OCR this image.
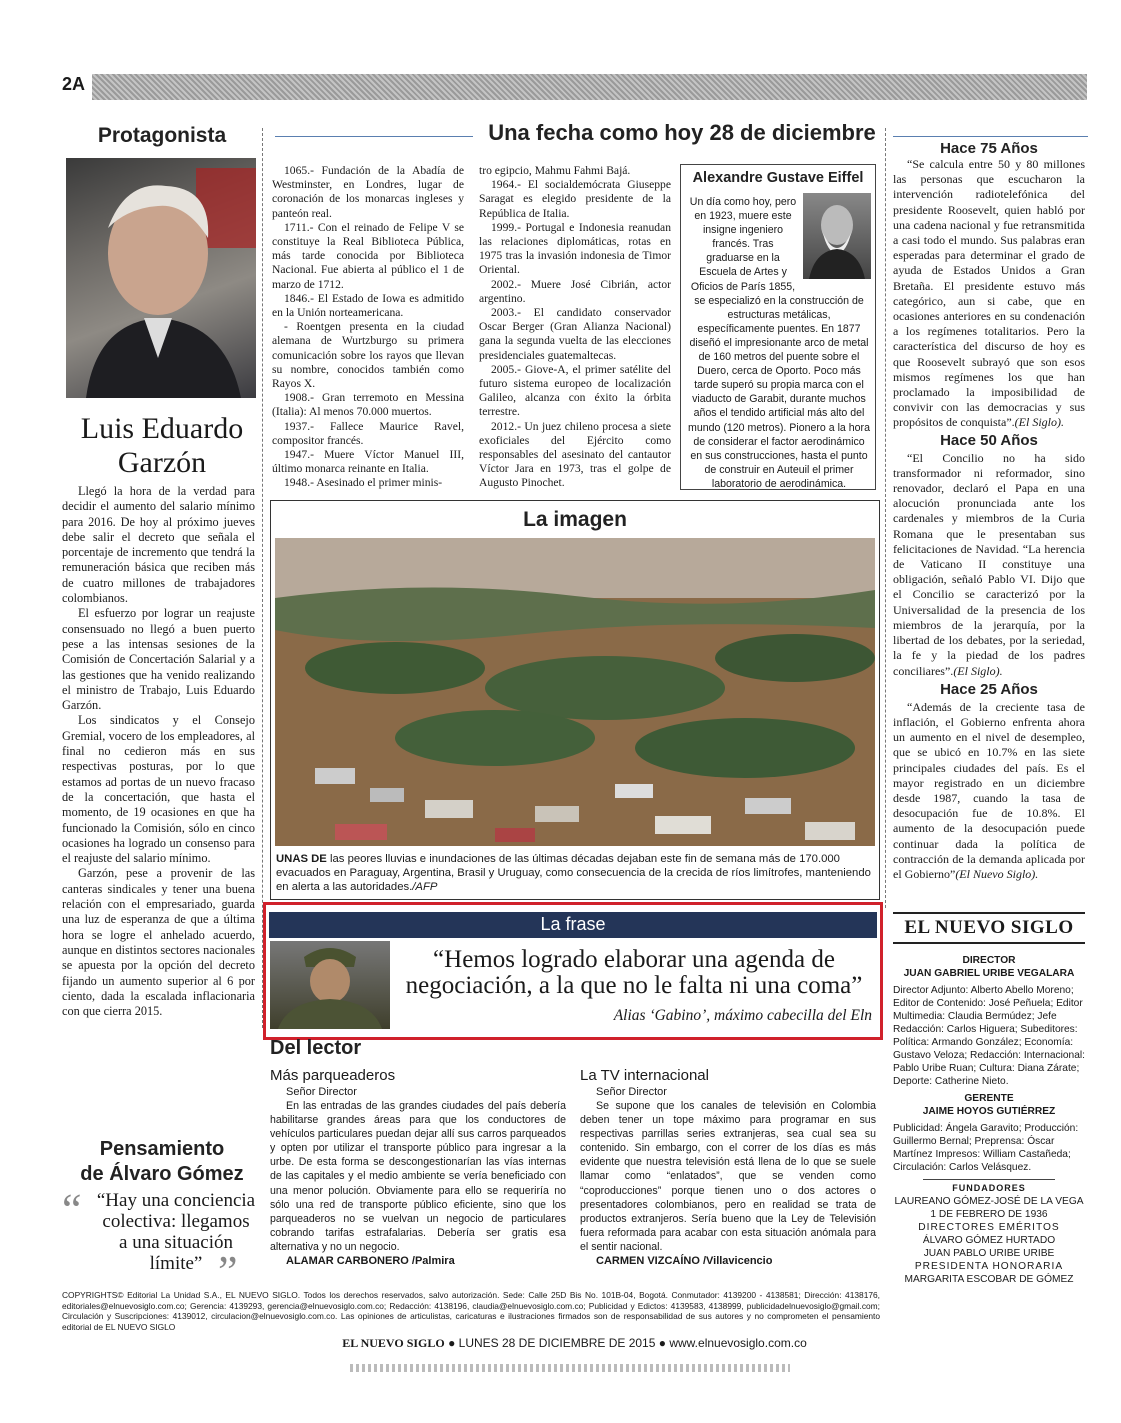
2A
Protagonista
Luis Eduardo Garzón

Llegó la hora de la verdad para decidir el aumento del salario mínimo para 2016. De hoy al próximo jueves debe salir el decreto que señala el porcentaje de incremento que tendrá la remuneración básica que reciben más de cuatro millones de trabajadores colombianos.

El esfuerzo por lograr un reajuste consensuado no llegó a buen puerto pese a las intensas sesiones de la Comisión de Concertación Salarial y a las gestiones que ha venido realizando el ministro de Trabajo, Luis Eduardo Garzón.

Los sindicatos y el Consejo Gremial, vocero de los empleadores, al final no cedieron más en sus respectivas posturas, por lo que estamos ad portas de un nuevo fracaso de la concertación, que hasta el momento, de 19 ocasiones en que ha funcionado la Comisión, sólo en cinco ocasiones ha logrado un consenso para el reajuste del salario mínimo.

Garzón, pese a provenir de las canteras sindicales y tener una buena relación con el empresariado, guarda una luz de esperanza de que a última hora se logre el anhelado acuerdo, aunque en distintos sectores nacionales se apuesta por la opción del decreto fijando un aumento superior al 6 por ciento, dada la escalada inflacionaria con que cierra 2015.

Pensamiento
de Álvaro Gómez
“ “Hay una conciencia colectiva: llegamos a una situación límite” ”
Una fecha como hoy 28 de diciembre

1065.- Fundación de la Abadía de Westminster, en Londres, lugar de coronación de los monarcas ingleses y panteón real.

1711.- Con el reinado de Felipe V se constituye la Real Biblioteca Pública, más tarde conocida por Biblioteca Nacional. Fue abierta al público el 1 de marzo de 1712.

1846.- El Estado de Iowa es admitido en la Unión norteamericana.

- Roentgen presenta en la ciudad alemana de Wurtzburgo su primera comunicación sobre los rayos que llevan su nombre, conocidos también como Rayos X.

1908.- Gran terremoto en Messina (Italia): Al menos 70.000 muertos.

1937.- Fallece Maurice Ravel, compositor francés.

1947.- Muere Víctor Manuel III, último monarca reinante en Italia.

1948.- Asesinado el primer minis-

tro egipcio, Mahmu Fahmi Bajá.

1964.- El socialdemócrata Giuseppe Saragat es elegido presidente de la República de Italia.

1999.- Portugal e Indonesia reanudan las relaciones diplomáticas, rotas en 1975 tras la invasión indonesia de Timor Oriental.

2002.- Muere José Cibrián, actor argentino.

2003.- El candidato conservador Oscar Berger (Gran Alianza Nacional) gana la segunda vuelta de las elecciones presidenciales guatemaltecas.

2005.- Giove-A, el primer satélite del futuro sistema europeo de localización Galileo, alcanza con éxito la órbita terrestre.

2012.- Un juez chileno procesa a siete exoficiales del Ejército como responsables del asesinato del cantautor Víctor Jara en 1973, tras el golpe de Augusto Pinochet.

Alexandre Gustave Eiffel
Un día como hoy, pero en 1923, muere este insigne ingeniero francés. Tras graduarse en la Escuela de Artes y Oficios de París 1855, se especializó en la construcción de estructuras metálicas, específicamente puentes. En 1877 diseñó el impresionante arco de metal de 160 metros del puente sobre el Duero, cerca de Oporto. Poco más tarde superó su propia marca con el viaducto de Garabit, durante muchos años el tendido artificial más alto del mundo (120 metros). Pionero a la hora de considerar el factor aerodinámico en sus construcciones, hasta el punto de construir en Auteuil el primer laboratorio de aerodinámica.
La imagen
UNAS DE las peores lluvias e inundaciones de las últimas décadas dejaban este fin de semana más de 170.000 evacuados en Paraguay, Argentina, Brasil y Uruguay, como consecuencia de la crecida de ríos limítrofes, manteniendo en alerta a las autoridades./AFP
La frase
“Hemos logrado elaborar una agenda de negociación, a la que no le falta ni una coma”
Alias ‘Gabino’, máximo cabecilla del Eln
Del lector
Más parqueaderos
Señor Director

En las entradas de las grandes ciudades del país debería habilitarse grandes áreas para que los conductores de vehículos particulares puedan dejar allí sus carros parqueados y opten por utilizar el transporte público para ingresar a la urbe. De esta forma se descongestionarían las vías internas de las capitales y el medio ambiente se vería beneficiado con una menor polución. Obviamente para ello se requeriría no sólo una red de transporte público eficiente, sino que los parqueaderos no se vuelvan un negocio de particulares cobrando tarifas estrafalarias. Debería ser gratis esa alternativa y no un negocio.

ALAMAR CARBONERO /Palmira
La TV internacional
Señor Director

Se supone que los canales de televisión en Colombia deben tener un tope máximo para programar en sus respectivas parrillas series extranjeras, sea cual sea su contenido. Sin embargo, con el correr de los días es más evidente que nuestra televisión está llena de lo que se suele llamar como “enlatados”, que se venden como “coproducciones” porque tienen uno o dos actores o presentadores colombianos, pero en realidad se trata de productos extranjeros. Sería bueno que la Ley de Televisión fuera reformada para acabar con esta situación anómala para el sentir nacional.

CARMEN VIZCAÍNO /Villavicencio
Hace 75 Años

“Se calcula entre 50 y 80 millones las personas que escucharon la intervención radiotelefónica del presidente Roosevelt, quien habló por una cadena nacional y fue retransmitida a casi todo el mundo. Sus palabras eran esperadas para determinar el grado de ayuda de Estados Unidos a Gran Bretaña. El presidente estuvo más categórico, aun si cabe, que en ocasiones anteriores en su condenación a los regímenes totalitarios. Pero la característica del discurso de hoy es que Roosevelt subrayó que son esos mismos regímenes los que han proclamado la imposibilidad de convivir con las democracias y sus propósitos de conquista”.(El Siglo).

Hace 50 Años

“El Concilio no ha sido transformador ni reformador, sino renovador, declaró el Papa en una alocución pronunciada ante los cardenales y miembros de la Curia Romana que le presentaban sus felicitaciones de Navidad. “La herencia de Vaticano II constituye una obligación, señaló Pablo VI. Dijo que el Concilio se caracterizó por la Universalidad de la presencia de los miembros de la jerarquía, por la libertad de los debates, por la seriedad, la fe y la piedad de los padres conciliares”.(El Siglo).

Hace 25 Años

“Además de la creciente tasa de inflación, el Gobierno enfrenta ahora un aumento en el nivel de desempleo, que se ubicó en 10.7% en las siete principales ciudades del país. Es el mayor registrado en un diciembre desde 1987, cuando la tasa de desocupación fue de 10.8%. El aumento de la desocupación puede continuar dada la política de contracción de la demanda aplicada por el Gobierno”(El Nuevo Siglo).

EL NUEVO SIGLO
DIRECTOR
JUAN GABRIEL URIBE VEGALARA
Director Adjunto: Alberto Abello Moreno; Editor de Contenido: José Peñuela; Editor Multimedia: Claudia Bermúdez; Jefe Redacción: Carlos Higuera; Subeditores: Política: Armando González; Economía: Gustavo Veloza; Redacción: Internacional: Pablo Uribe Ruan; Cultura: Diana Zárate; Deporte: Catherine Nieto.
GERENTE
JAIME HOYOS GUTIÉRREZ
Publicidad: Ángela Garavito; Producción: Guillermo Bernal; Preprensa: Óscar Martínez Impresos: William Castañeda; Circulación: Carlos Velásquez.
FUNDADORES
LAUREANO GÓMEZ-JOSÉ DE LA VEGA
1 DE FEBRERO DE 1936
DIRECTORES EMÉRITOS
ÁLVARO GÓMEZ HURTADO
JUAN PABLO URIBE URIBE
PRESIDENTA HONORARIA
MARGARITA ESCOBAR DE GÓMEZ
COPYRIGHTS© Editorial La Unidad S.A., EL NUEVO SIGLO. Todos los derechos reservados, salvo autorización. Sede: Calle 25D Bis No. 101B-04, Bogotá. Conmutador: 4139200 - 4138581; Dirección: 4138176, editoriales@elnuevosiglo.com.co; Gerencia: 4139293, gerencia@elnuevosiglo.com.co; Redacción: 4138196, claudia@elnuevosiglo.com.co; Publicidad y Edictos: 4139583, 4138999, publicidadelnuevosiglo@gmail.com; Circulación y Suscripciones: 4139012, circulacion@elnuevosiglo.com.co. Las opiniones de articulistas, caricaturas e ilustraciones firmados son de responsabilidad de sus autores y no comprometen el pensamiento editorial de EL NUEVO SIGLO
EL NUEVO SIGLO ● LUNES 28 DE DICIEMBRE DE 2015 ● www.elnuevosiglo.com.co
